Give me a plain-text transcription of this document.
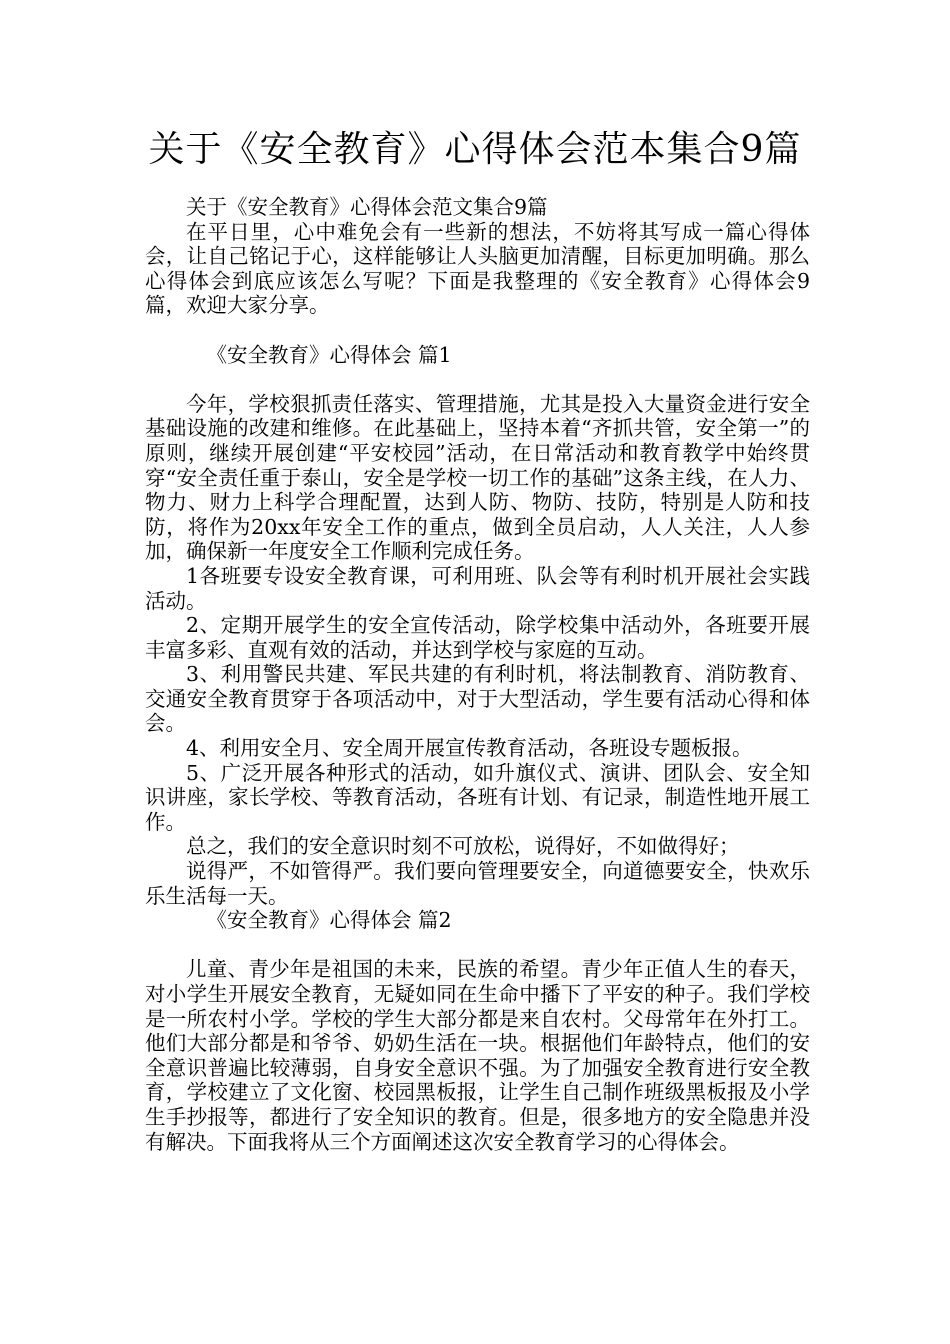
关于《安全教育》心得体会范本集合9篇

关于《安全教育》心得体会范文集合9篇

在平日里，心中难免会有一些新的想法，不妨将其写成一篇心得体会，让自己铭记于心，这样能够让人头脑更加清醒，目标更加明确。那么心得体会到底应该怎么写呢？下面是我整理的《安全教育》心得体会9篇，欢迎大家分享。

《安全教育》心得体会 篇1

今年，学校狠抓责任落实、管理措施，尤其是投入大量资金进行安全基础设施的改建和维修。在此基础上，坚持本着“齐抓共管，安全第一”的原则，继续开展创建“平安校园”活动，在日常活动和教育教学中始终贯穿“安全责任重于泰山，安全是学校一切工作的基础”这条主线，在人力、物力、财力上科学合理配置，达到人防、物防、技防，特别是人防和技防，将作为20xx年安全工作的重点，做到全员启动，人人关注，人人参加，确保新一年度安全工作顺利完成任务。

1各班要专设安全教育课，可利用班、队会等有利时机开展社会实践活动。

2、定期开展学生的安全宣传活动，除学校集中活动外，各班要开展丰富多彩、直观有效的活动，并达到学校与家庭的互动。

3、利用警民共建、军民共建的有利时机，将法制教育、消防教育、交通安全教育贯穿于各项活动中，对于大型活动，学生要有活动心得和体会。

4、利用安全月、安全周开展宣传教育活动，各班设专题板报。

5、广泛开展各种形式的活动，如升旗仪式、演讲、团队会、安全知识讲座，家长学校、等教育活动，各班有计划、有记录，制造性地开展工作。

总之，我们的安全意识时刻不可放松，说得好，不如做得好；

说得严，不如管得严。我们要向管理要安全，向道德要安全，快欢乐乐生活每一天。

《安全教育》心得体会 篇2

儿童、青少年是祖国的未来，民族的希望。青少年正值人生的春天，对小学生开展安全教育，无疑如同在生命中播下了平安的种子。我们学校是一所农村小学。学校的学生大部分都是来自农村。父母常年在外打工。他们大部分都是和爷爷、奶奶生活在一块。根据他们年龄特点，他们的安全意识普遍比较薄弱，自身安全意识不强。为了加强安全教育进行安全教育，学校建立了文化窗、校园黑板报，让学生自己制作班级黑板报及小学生手抄报等，都进行了安全知识的教育。但是，很多地方的安全隐患并没有解决。下面我将从三个方面阐述这次安全教育学习的心得体会。
